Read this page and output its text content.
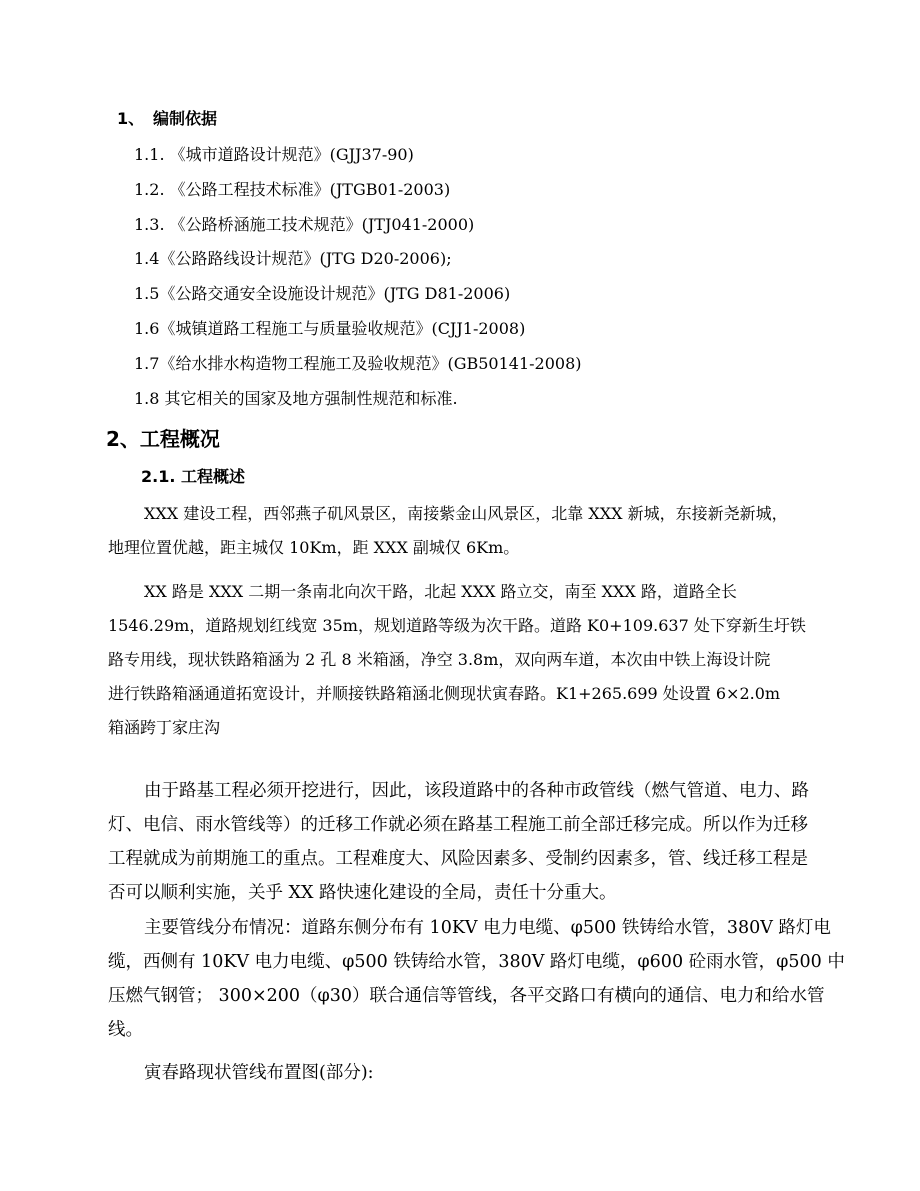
1、 编制依据
1.1. 《城市道路设计规范》(GJJ37-90)
1.2. 《公路工程技术标准》(JTGB01-2003)
1.3. 《公路桥涵施工技术规范》(JTJ041-2000)
1.4《公路路线设计规范》(JTG D20-2006);
1.5《公路交通安全设施设计规范》(JTG D81-2006)
1.6《城镇道路工程施工与质量验收规范》(CJJ1-2008)
1.7《给水排水构造物工程施工及验收规范》(GB50141-2008)
1.8 其它相关的国家及地方强制性规范和标准.
2、工程概况
2.1. 工程概述
XXX 建设工程，西邻燕子矶风景区，南接紫金山风景区，北靠 XXX 新城，东接新尧新城，
地理位置优越，距主城仅 10Km，距 XXX 副城仅 6Km。
XX 路是 XXX 二期一条南北向次干路，北起 XXX 路立交，南至 XXX 路，道路全长
1546.29m，道路规划红线宽 35m，规划道路等级为次干路。道路 K0+109.637 处下穿新生圩铁
路专用线，现状铁路箱涵为 2 孔 8 米箱涵，净空 3.8m，双向两车道，本次由中铁上海设计院
进行铁路箱涵通道拓宽设计，并顺接铁路箱涵北侧现状寅春路。K1+265.699 处设置 6×2.0m
箱涵跨丁家庄沟
由于路基工程必须开挖进行，因此，该段道路中的各种市政管线（燃气管道、电力、路
灯、电信、雨水管线等）的迁移工作就必须在路基工程施工前全部迁移完成。所以作为迁移
工程就成为前期施工的重点。工程难度大、风险因素多、受制约因素多，管、线迁移工程是
否可以顺利实施，关乎 XX 路快速化建设的全局，责任十分重大。
主要管线分布情况：道路东侧分布有 10KV 电力电缆、φ500 铁铸给水管，380V 路灯电
缆，西侧有 10KV 电力电缆、φ500 铁铸给水管，380V 路灯电缆，φ600 砼雨水管，φ500 中
压燃气钢管； 300×200（φ30）联合通信等管线，各平交路口有横向的通信、电力和给水管
线。
寅春路现状管线布置图(部分):
